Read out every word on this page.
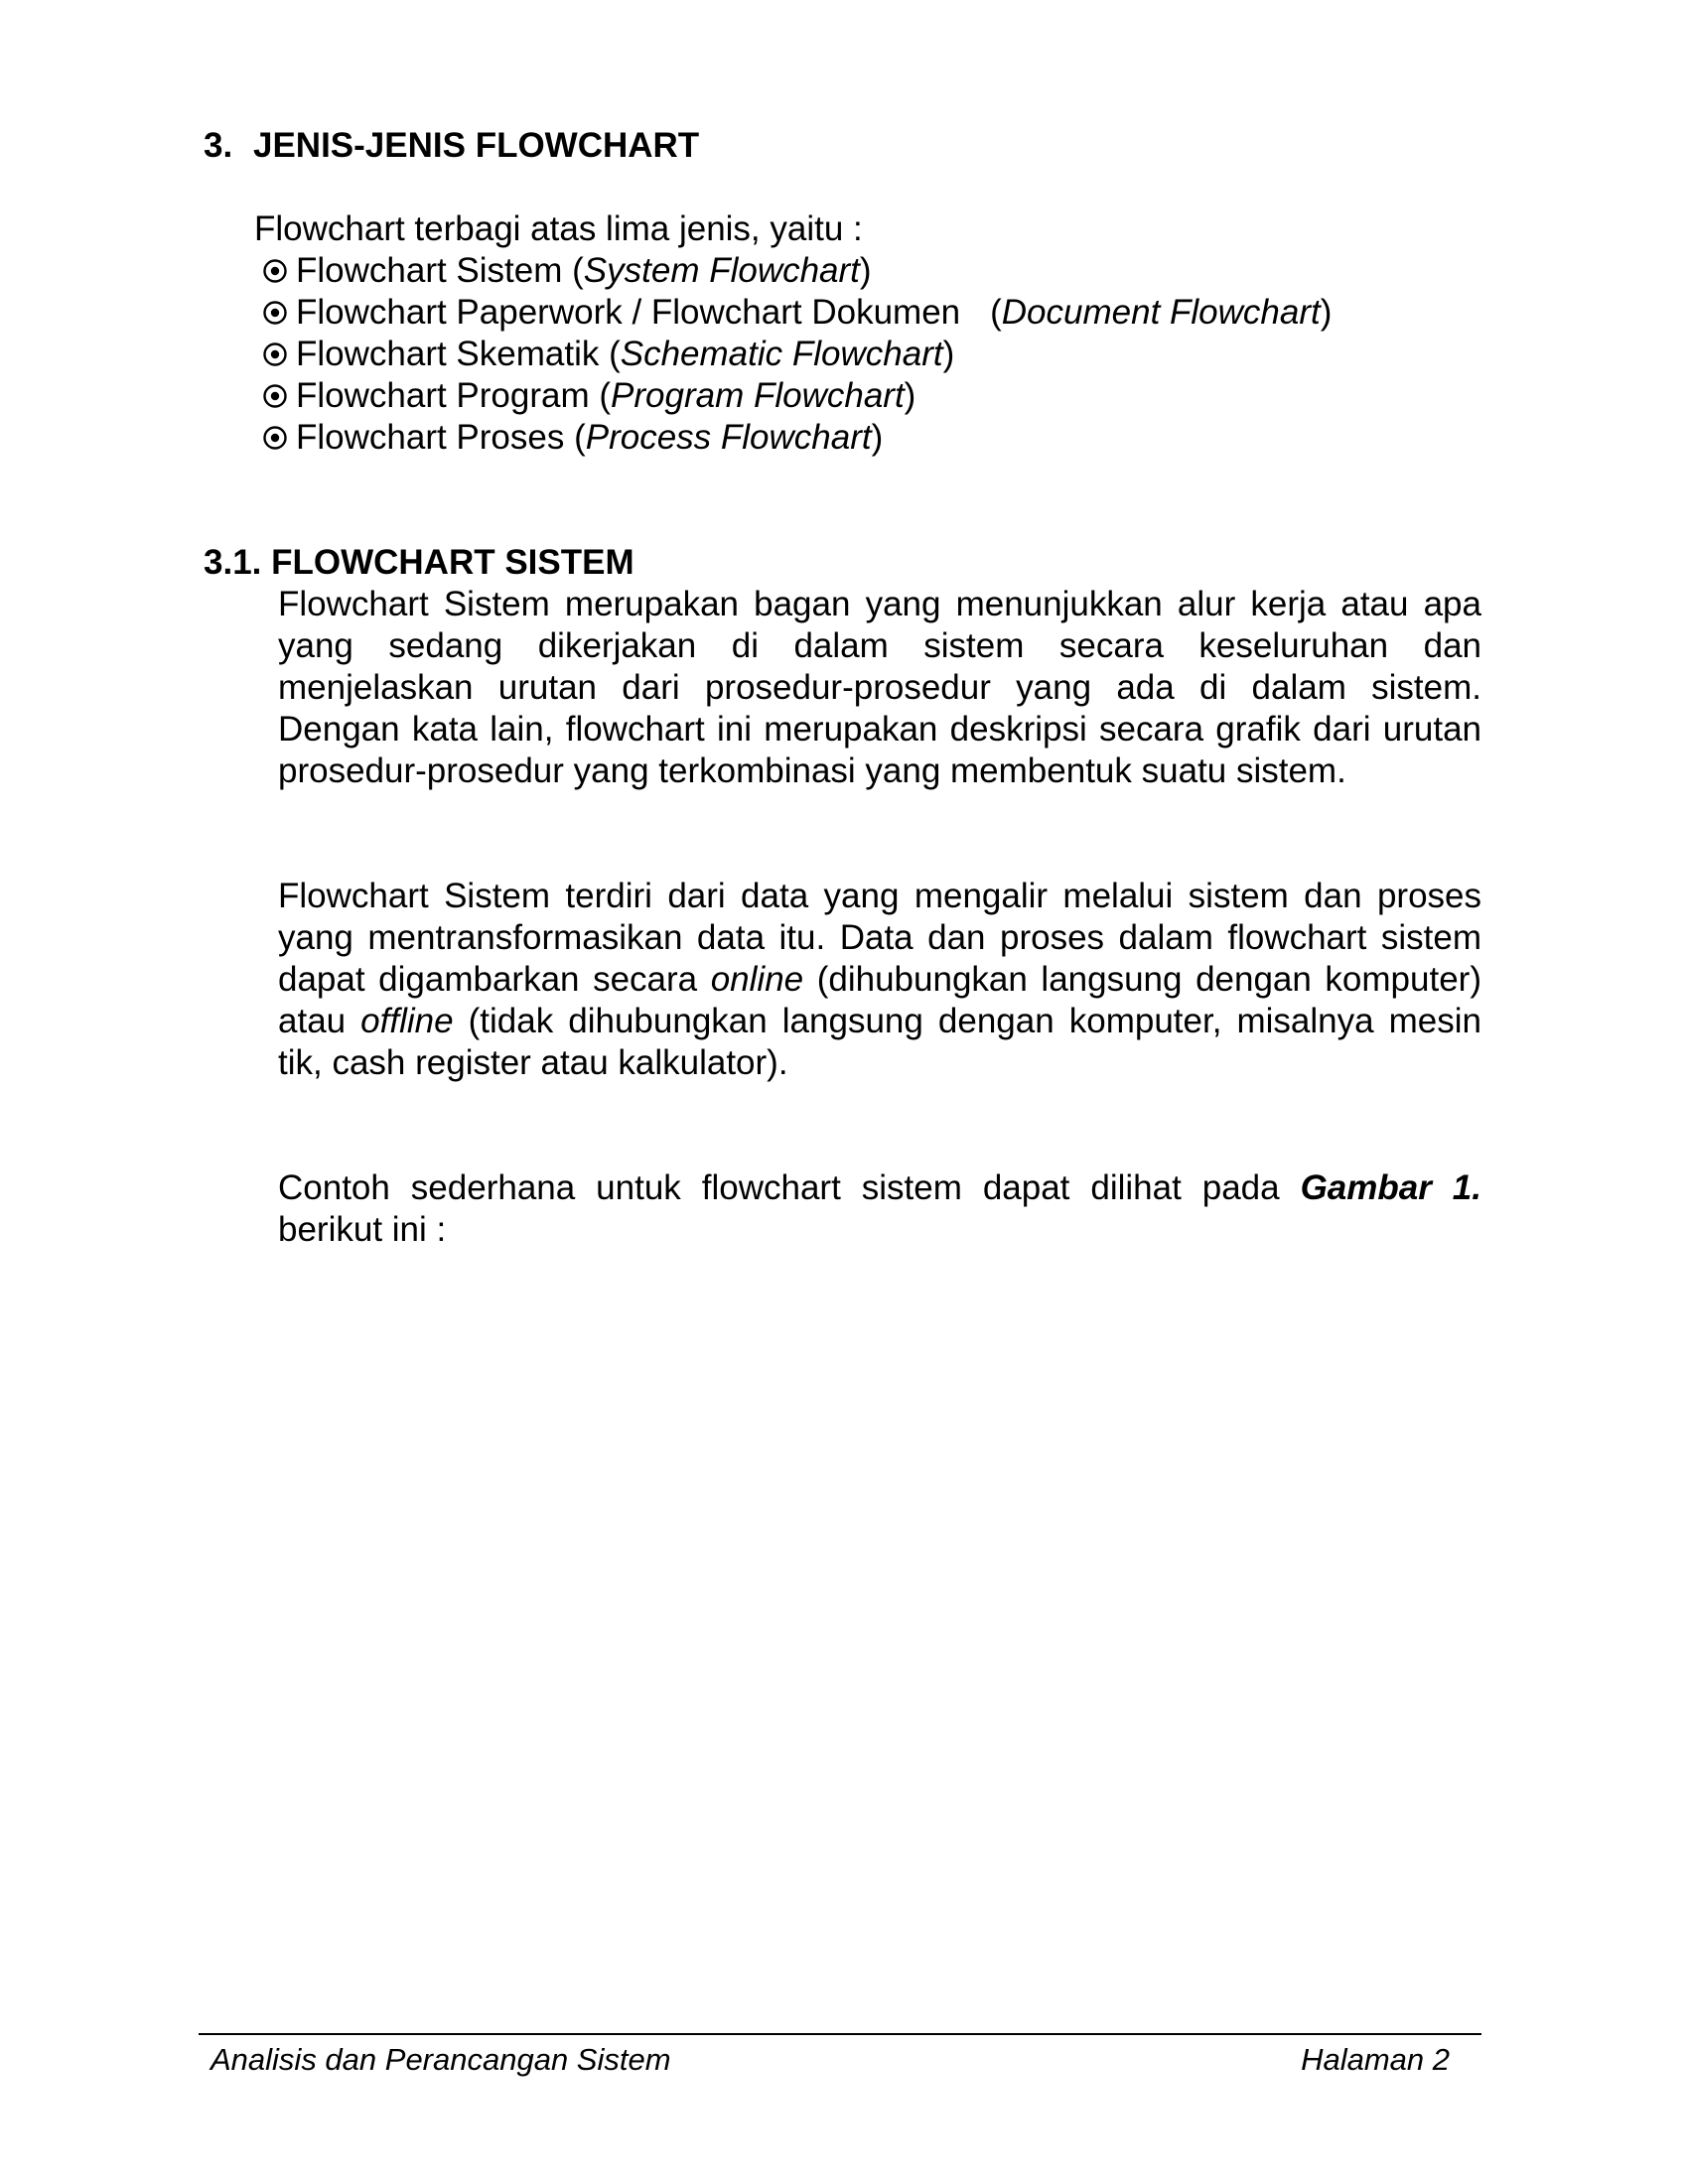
3. JENIS-JENIS FLOWCHART
Flowchart terbagi atas lima jenis, yaitu :
Flowchart Sistem ( System Flowchart )
Flowchart Paperwork / Flowchart Dokumen ( Document Flowchart )
Flowchart Skematik ( Schematic Flowchart )
Flowchart Program ( Program Flowchart )
Flowchart Proses ( Process Flowchart )
3.1. FLOWCHART SISTEM

Flowchart Sistem merupakan bagan yang menunjukkan alur kerja atau apa yang sedang dikerjakan di dalam sistem secara keseluruhan dan menjelaskan urutan dari prosedur-prosedur yang ada di dalam sistem. Dengan kata lain, flowchart ini merupakan deskripsi secara grafik dari urutan prosedur-prosedur yang terkombinasi yang membentuk suatu sistem.

Flowchart Sistem terdiri dari data yang mengalir melalui sistem dan proses yang mentransformasikan data itu. Data dan proses dalam flowchart sistem dapat digambarkan secara online (dihubungkan langsung dengan komputer) atau offline (tidak dihubungkan langsung dengan komputer, misalnya mesin tik, cash register atau kalkulator).

Contoh sederhana untuk flowchart sistem dapat dilihat pada Gambar 1. berikut ini :

Analisis dan Perancangan Sistem	Halaman 2
